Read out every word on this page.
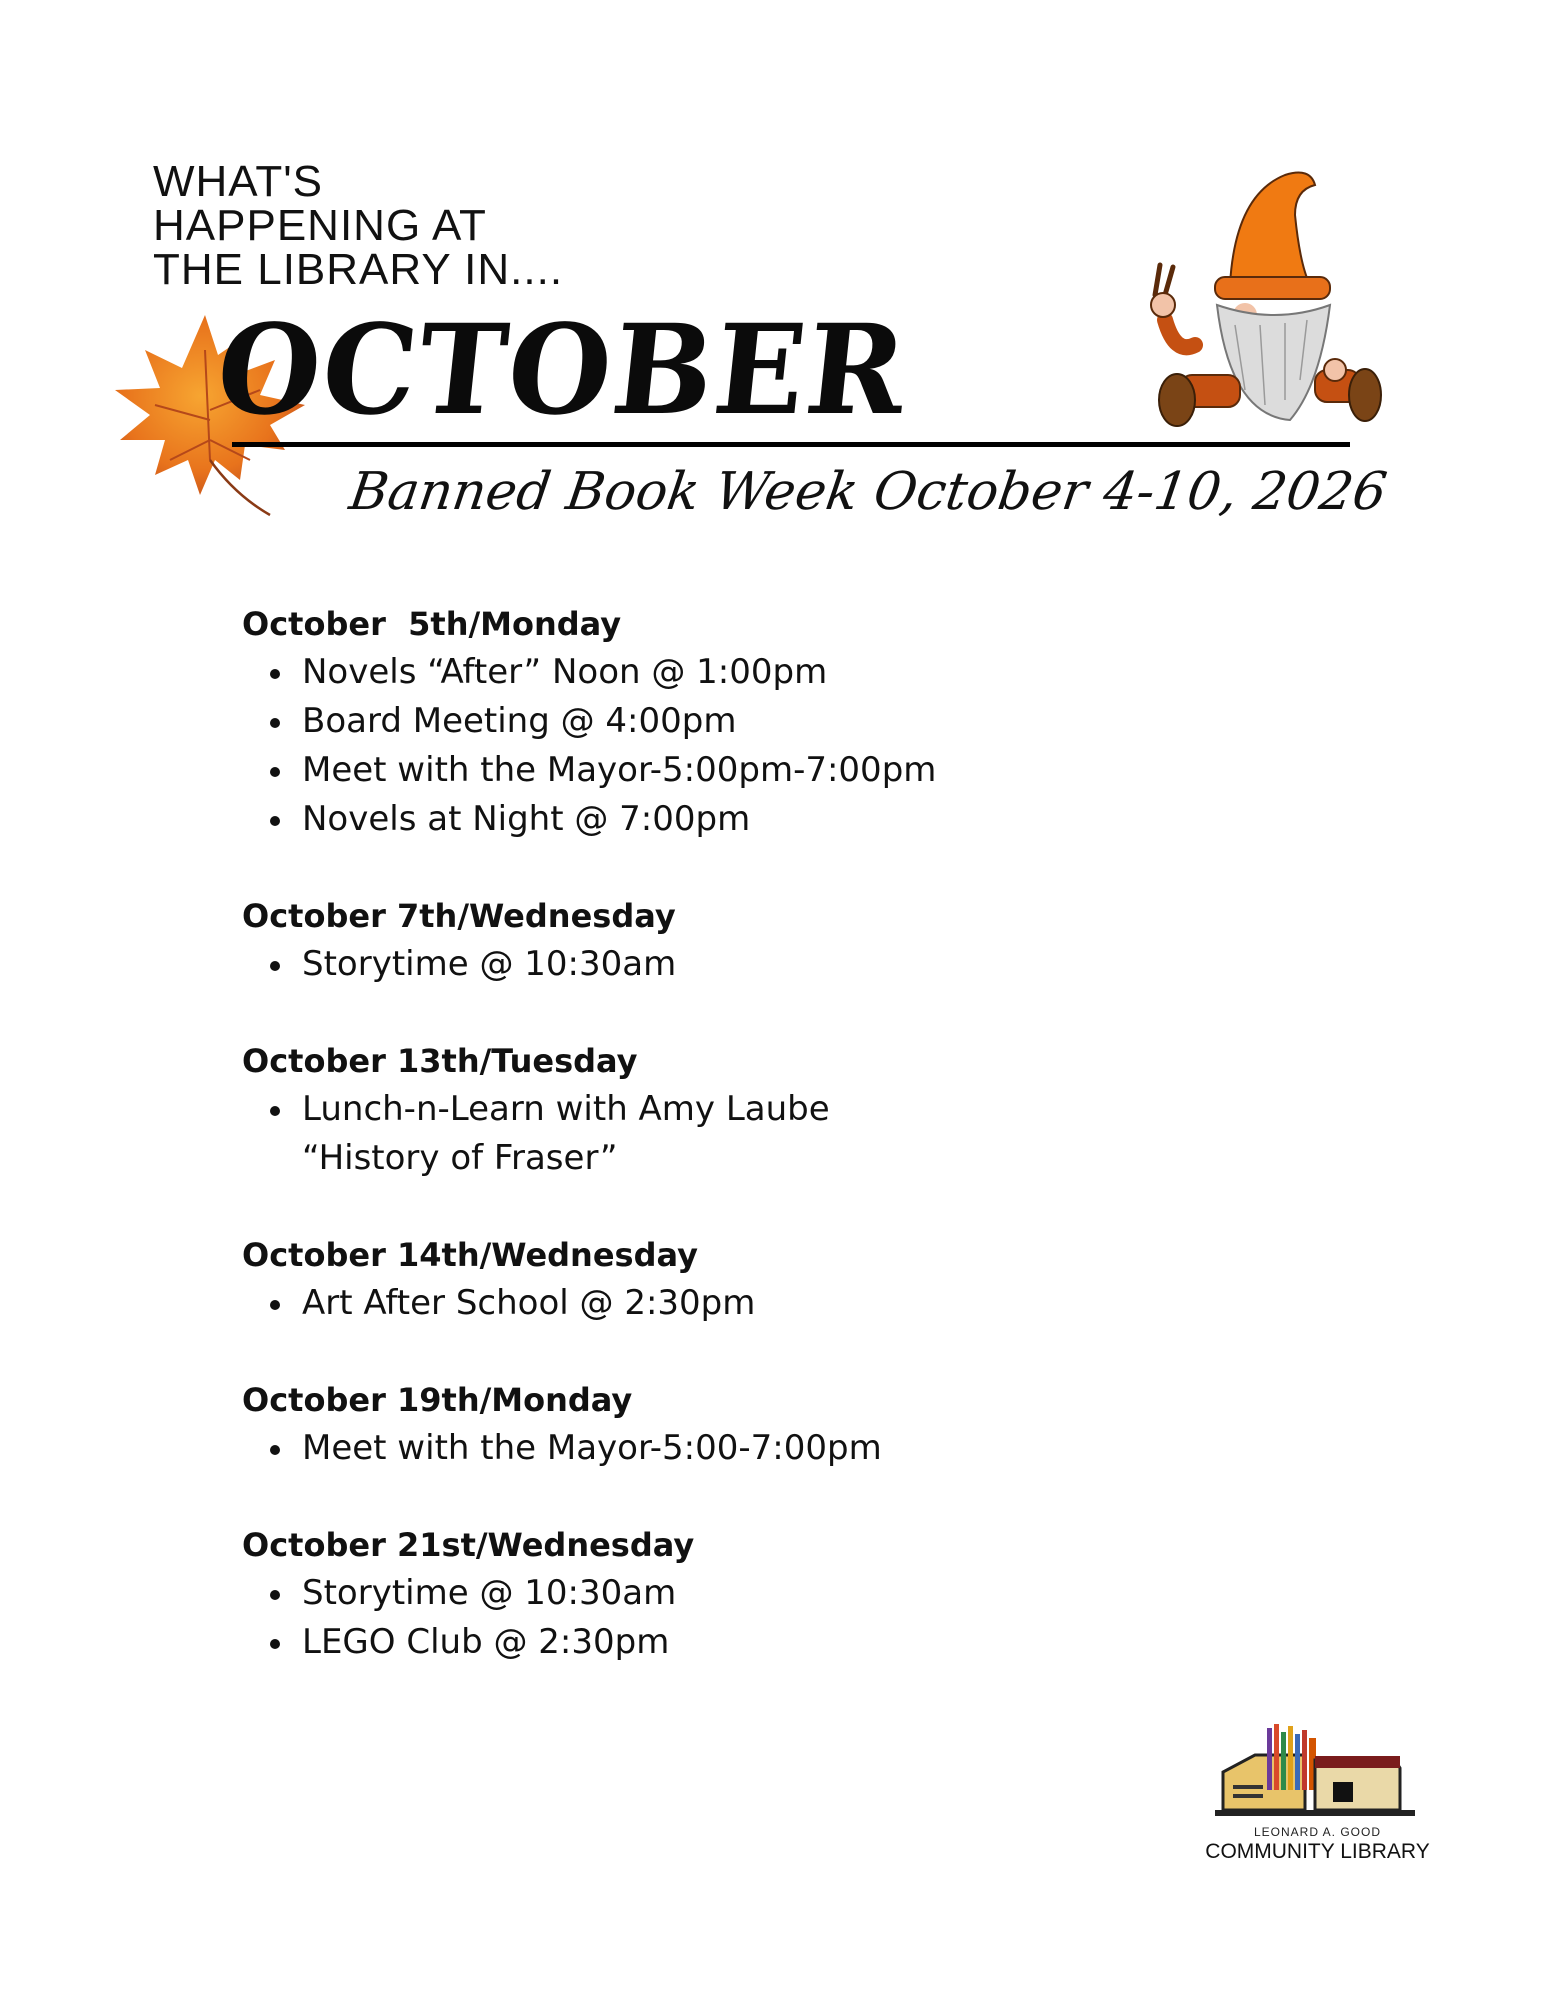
WHAT'S
HAPPENING AT
THE LIBRARY IN....
OCTOBER
Banned Book Week October 4-10, 2026
October  5th/Monday
Novels “After” Noon @ 1:00pm
Board Meeting @ 4:00pm
Meet with the Mayor-5:00pm-7:00pm
Novels at Night @ 7:00pm
October 7th/Wednesday
Storytime @ 10:30am
October 13th/Tuesday
Lunch-n-Learn with Amy Laube
“History of Fraser”
October 14th/Wednesday
Art After School @ 2:30pm
October 19th/Monday
Meet with the Mayor-5:00-7:00pm
October 21st/Wednesday
Storytime @ 10:30am
LEGO Club @ 2:30pm
LEONARD A. GOOD
COMMUNITY LIBRARY
